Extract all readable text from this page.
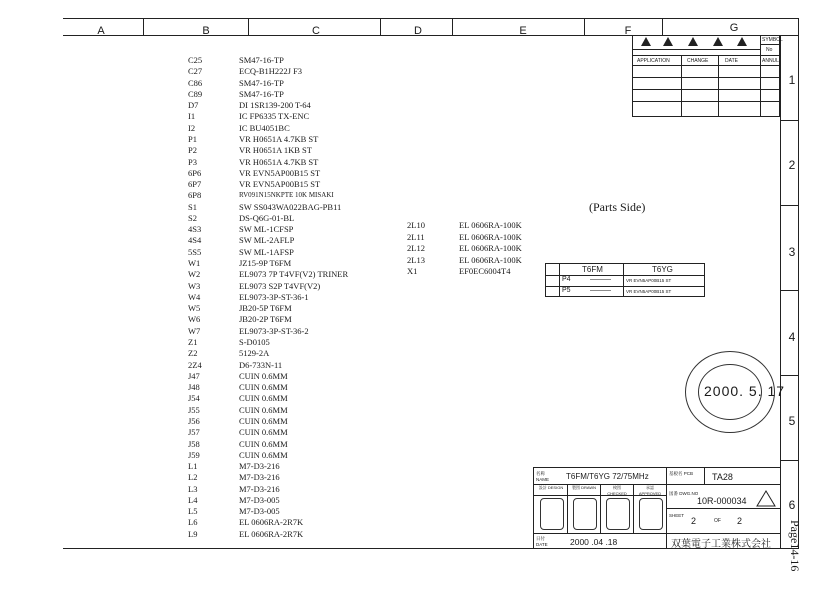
A	B	C	D	E	F	G
1
2
3
4
5
6
SYMBOL
No
APPLICATION	CHANGE	DATE	ANNUL
C25	SM47-16-TP
C27	ECQ-B1H222J F3
C86	SM47-16-TP
C89	SM47-16-TP
D7	DI 1SR139-200 T-64
I1	IC FP6335 TX-ENC
I2	IC BU4051BC
P1	VR H0651A 4.7KB ST
P2	VR H0651A 1KB ST
P3	VR H0651A 4.7KB ST
6P6	VR EVN5AP00B15 ST
6P7	VR EVN5AP00B15 ST
6P8	RV091N15NKPTE 10K MISAKI
S1	SW SS043WA022BAG-PB11
S2	DS-Q6G-01-BL
4S3	SW ML-1CFSP
4S4	SW ML-2AFLP
5S5	SW ML-1AFSP
W1	JZ15-9P T6FM
W2	EL9073 7P T4VF(V2) TRINER
W3	EL9073 S2P T4VF(V2)
W4	EL9073-3P-ST-36-1
W5	JB20-5P T6FM
W6	JB20-2P T6FM
W7	EL9073-3P-ST-36-2
Z1	S-D0105
Z2	5129-2A
2Z4	D6-733N-11
J47	CUIN 0.6MM
J48	CUIN 0.6MM
J54	CUIN 0.6MM
J55	CUIN 0.6MM
J56	CUIN 0.6MM
J57	CUIN 0.6MM
J58	CUIN 0.6MM
J59	CUIN 0.6MM
L1	M7-D3-216
L2	M7-D3-216
L3	M7-D3-216
L4	M7-D3-005
L5	M7-D3-005
L6	EL 0606RA-2R7K
L9	EL 0606RA-2R7K
2L10	EL 0606RA-100K
2L11	EL 0606RA-100K
2L12	EL 0606RA-100K
2L13	EL 0606RA-100K
X1	EF0EC6004T4
(Parts Side)
T6FM	T6YG
P4	———	VR EVN5AP00B15 ST
P5	———	VR EVN5AP00B15 ST
2000. 5. 17
名称 NAME	T6FM/T6YG 72/75MHz	基板名 PCB	TA28
設計 DESIGN	製図 DRAWN	検図 CHECKED
承認 APPROVED	図番 DWG.NO
10R-000034
SHEET
2	OF 2
日付 DATE	2000 .04 .18	双葉電子工業株式会社 Page14-16
